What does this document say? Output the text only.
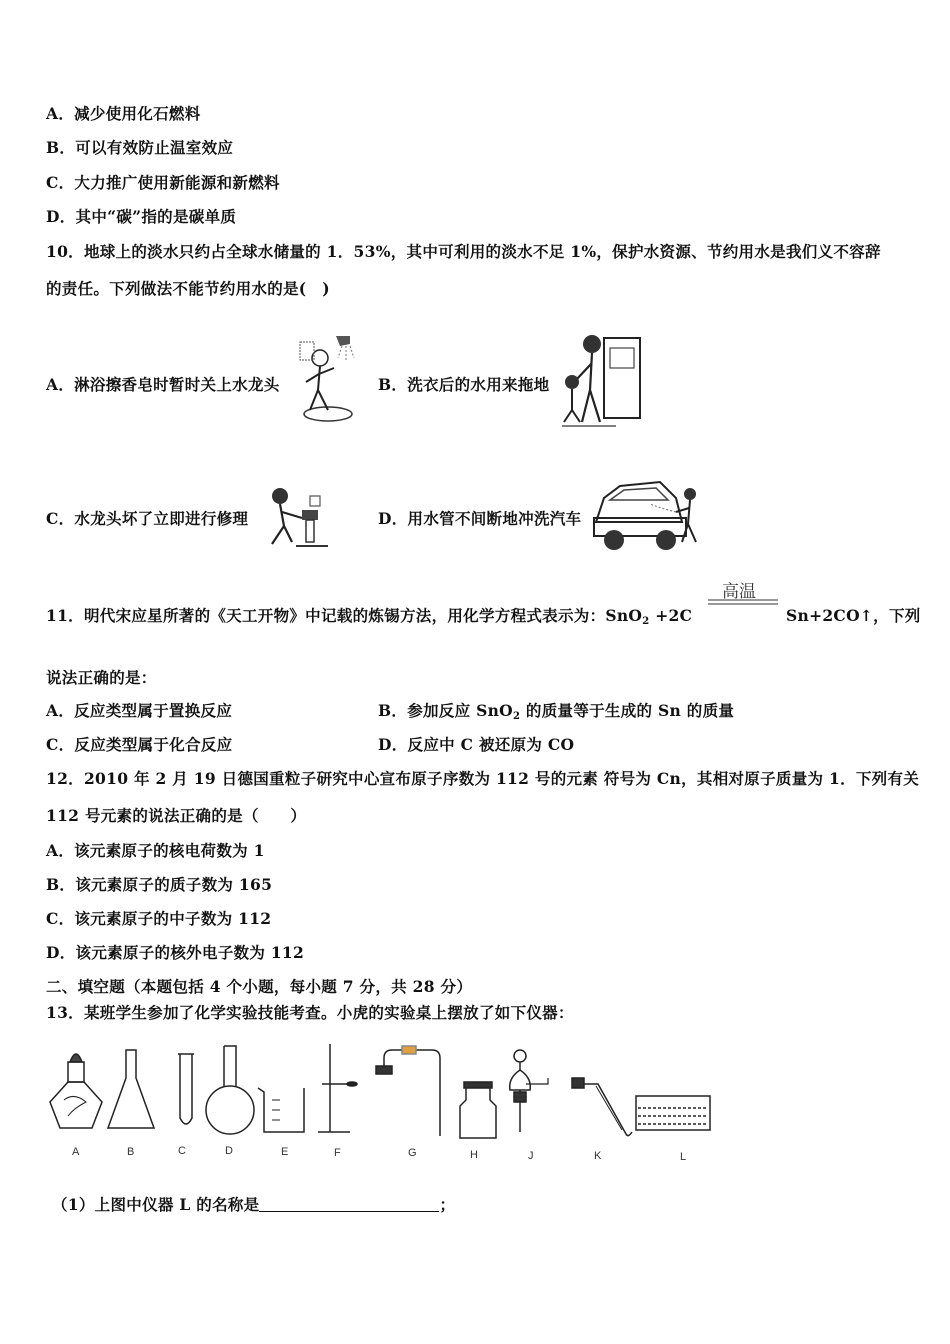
A．减少使用化石燃料
B．可以有效防止温室效应
C．大力推广使用新能源和新燃料
D．其中“碳”指的是碳单质
10．地球上的淡水只约占全球水储量的 1．53%，其中可利用的淡水不足 1%，保护水资源、节约用水是我们义不容辞
的责任。下列做法不能节约用水的是(　)
A．淋浴擦香皂时暂时关上水龙头	B．洗衣后的水用来拖地
C．水龙头坏了立即进行修理	D．用水管不间断地冲洗汽车
11．明代宋应星所著的《天工开物》中记载的炼锡方法，用化学方程式表示为：SnO$_2$ +2C
高温
Sn+2CO↑，下列
说法正确的是：
A．反应类型属于置换反应	B．参加反应 SnO$_2$ 的质量等于生成的 Sn 的质量
C．反应类型属于化合反应	D．反应中 C 被还原为 CO
12．2010 年 2 月 19 日德国重粒子研究中心宣布原子序数为 112 号的元素 符号为 Cn，其相对原子质量为 1．下列有关
112 号元素的说法正确的是（　　）
A．该元素原子的核电荷数为 1
B．该元素原子的质子数为 165
C．该元素原子的中子数为 112
D．该元素原子的核外电子数为 112
二、填空题（本题包括 4 个小题，每小题 7 分，共 28 分）
13．某班学生参加了化学实验技能考查。小虎的实验桌上摆放了如下仪器：
A	B	C	D	E	F	G	H	J	K	L
（1）上图中仪器 L 的名称是	；
